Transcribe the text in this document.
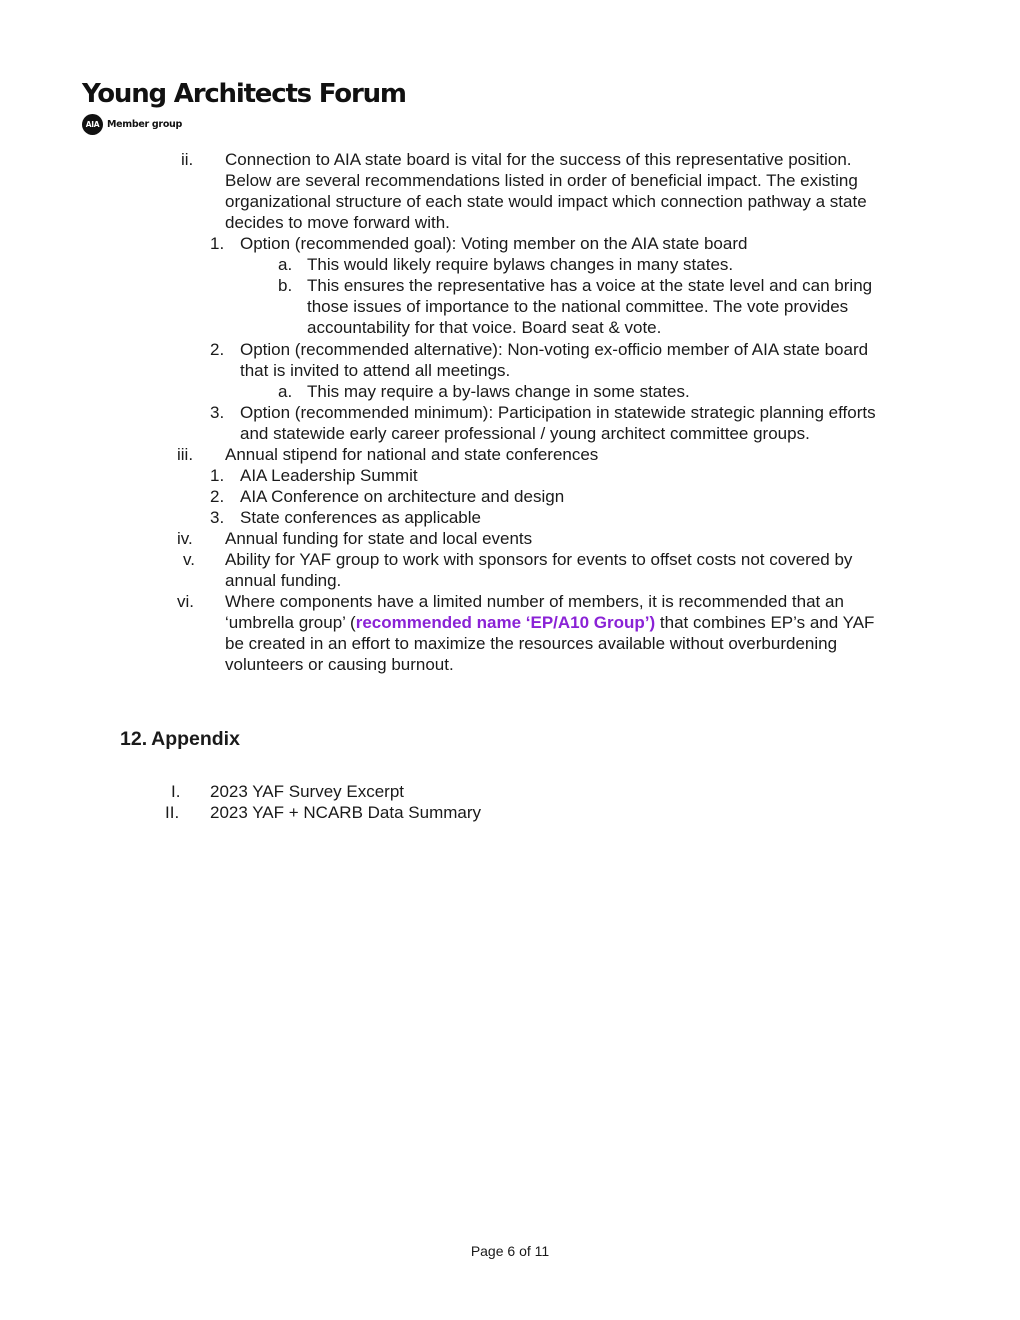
Young Architects Forum
AIA Member group
ii. Connection to AIA state board is vital for the success of this representative position.
Below are several recommendations listed in order of beneficial impact. The existing
organizational structure of each state would impact which connection pathway a state
decides to move forward with.
1. Option (recommended goal): Voting member on the AIA state board
a. This would likely require bylaws changes in many states.
b. This ensures the representative has a voice at the state level and can bring
those issues of importance to the national committee. The vote provides
accountability for that voice. Board seat & vote.
2. Option (recommended alternative): Non-voting ex-officio member of AIA state board
that is invited to attend all meetings.
a. This may require a by-laws change in some states.
3. Option (recommended minimum): Participation in statewide strategic planning efforts
and statewide early career professional / young architect committee groups.
iii. Annual stipend for national and state conferences
1. AIA Leadership Summit
2. AIA Conference on architecture and design
3. State conferences as applicable
iv. Annual funding for state and local events
v. Ability for YAF group to work with sponsors for events to offset costs not covered by
annual funding.
vi. Where components have a limited number of members, it is recommended that an
‘umbrella group’ (recommended name ‘EP/A10 Group’) that combines EP’s and YAF
be created in an effort to maximize the resources available without overburdening
volunteers or causing burnout.
12. Appendix
I. 2023 YAF Survey Excerpt
II. 2023 YAF + NCARB Data Summary
Page 6 of 11
